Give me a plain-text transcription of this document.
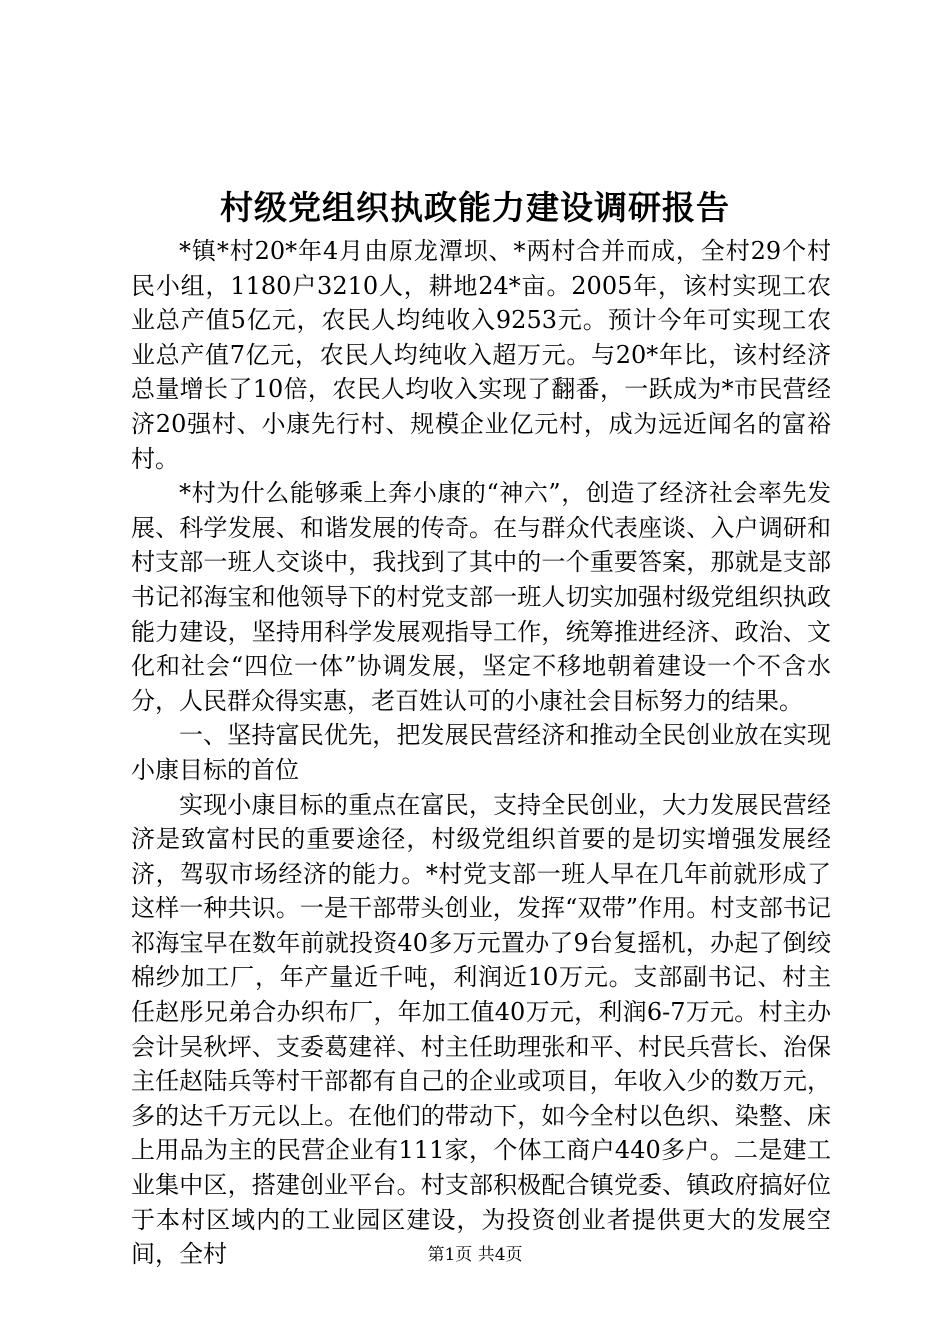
村级党组织执政能力建设调研报告

*镇*村20*年4月由原龙潭坝、*两村合并而成，全村29个村民小组，1180户3210人，耕地24*亩。2005年，该村实现工农业总产值5亿元，农民人均纯收入9253元。预计今年可实现工农业总产值7亿元，农民人均纯收入超万元。与20*年比，该村经济总量增长了10倍，农民人均收入实现了翻番，一跃成为*市民营经济20强村、小康先行村、规模企业亿元村，成为远近闻名的富裕村。

*村为什么能够乘上奔小康的“神六”，创造了经济社会率先发展、科学发展、和谐发展的传奇。在与群众代表座谈、入户调研和村支部一班人交谈中，我找到了其中的一个重要答案，那就是支部书记祁海宝和他领导下的村党支部一班人切实加强村级党组织执政能力建设，坚持用科学发展观指导工作，统筹推进经济、政治、文化和社会“四位一体”协调发展，坚定不移地朝着建设一个不含水分，人民群众得实惠，老百姓认可的小康社会目标努力的结果。

一、坚持富民优先，把发展民营经济和推动全民创业放在实现小康目标的首位

实现小康目标的重点在富民，支持全民创业，大力发展民营经济是致富村民的重要途径，村级党组织首要的是切实增强发展经济，驾驭市场经济的能力。*村党支部一班人早在几年前就形成了这样一种共识。一是干部带头创业，发挥“双带”作用。村支部书记祁海宝早在数年前就投资40多万元置办了9台复摇机，办起了倒绞棉纱加工厂，年产量近千吨，利润近10万元。支部副书记、村主任赵彤兄弟合办织布厂，年加工值40万元，利润6-7万元。村主办会计吴秋坪、支委葛建祥、村主任助理张和平、村民兵营长、治保主任赵陆兵等村干部都有自己的企业或项目，年收入少的数万元，多的达千万元以上。在他们的带动下，如今全村以色织、染整、床上用品为主的民营企业有111家，个体工商户440多户。二是建工业集中区，搭建创业平台。村支部积极配合镇党委、镇政府搞好位于本村区域内的工业园区建设，为投资创业者提供更大的发展空间，全村	第1页 共4页
